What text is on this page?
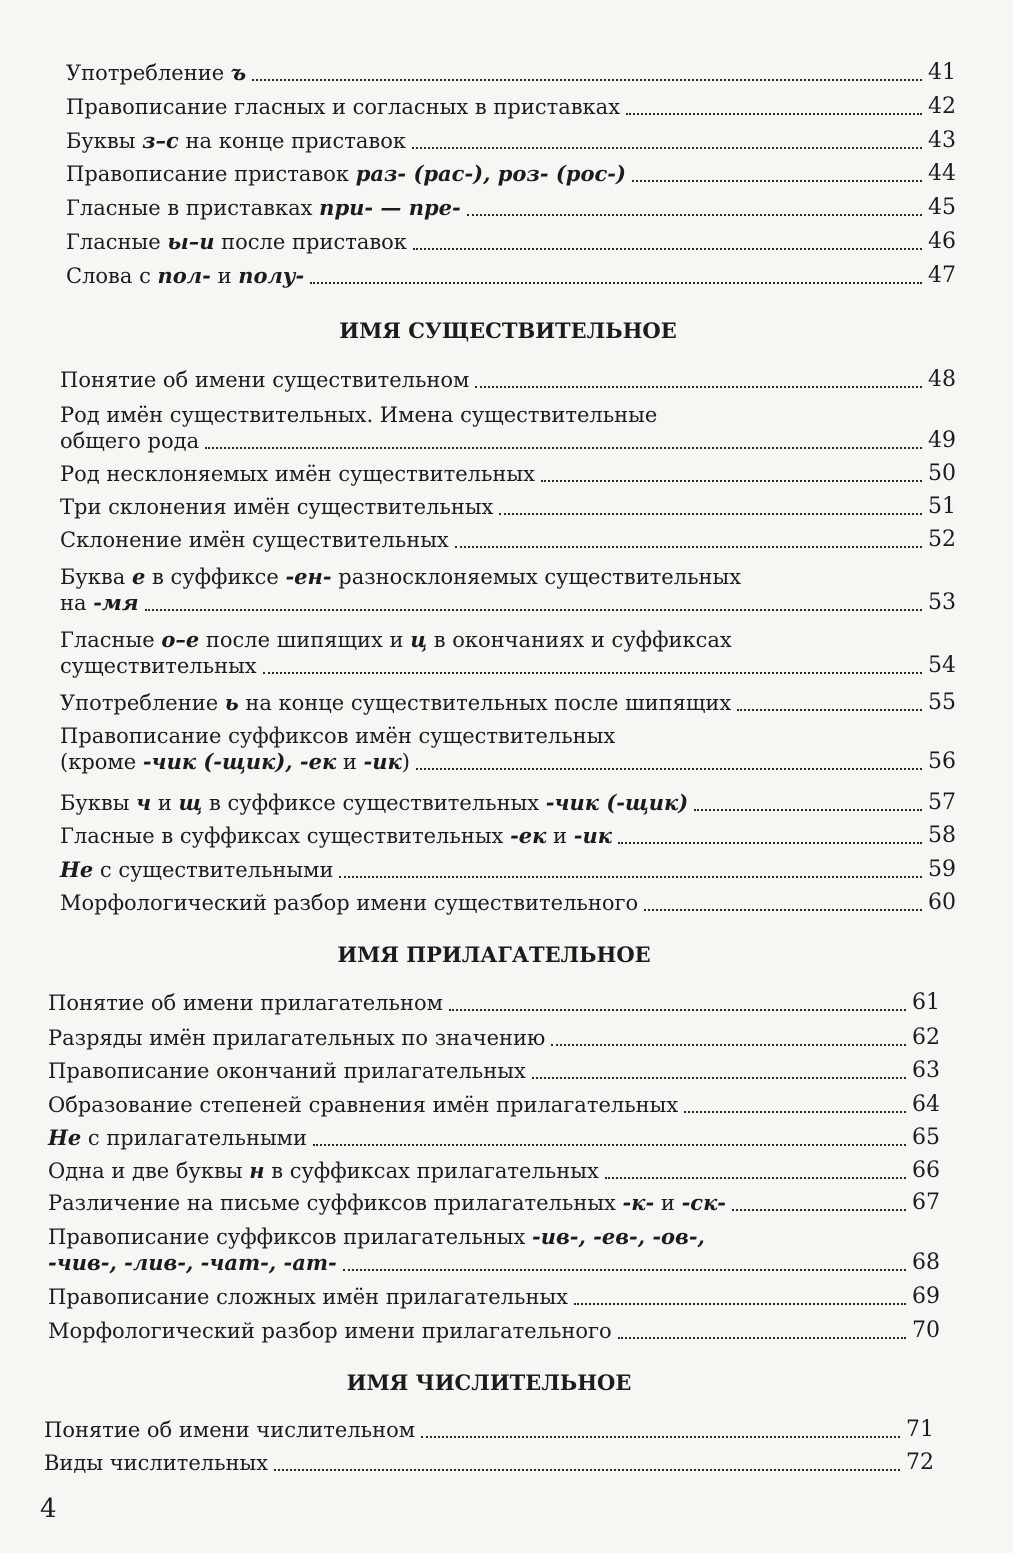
Употребление ъ	41
Правописание гласных и согласных в приставках	42
Буквы з–с на конце приставок	43
Правописание приставок раз- (рас-), роз- (рос-)	44
Гласные в приставках при- — пре-	45
Гласные ы–и после приставок	46
Слова с пол- и полу-	47
ИМЯ СУЩЕСТВИТЕЛЬНОЕ
Понятие об имени существительном	48
Род имён существительных. Имена существительные
общего рода	49
Род несклоняемых имён существительных	50
Три склонения имён существительных	51
Склонение имён существительных	52
Буква е в суффиксе -ен- разносклоняемых существительных
на -мя	53
Гласные о–е после шипящих и ц в окончаниях и суффиксах
существительных	54
Употребление ь на конце существительных после шипящих	55
Правописание суффиксов имён существительных
(кроме -чик (-щик), -ек и -ик)	56
Буквы ч и щ в суффиксе существительных -чик (-щик)	57
Гласные в суффиксах существительных -ек и -ик	58
Не с существительными	59
Морфологический разбор имени существительного	60
ИМЯ ПРИЛАГАТЕЛЬНОЕ
Понятие об имени прилагательном	61
Разряды имён прилагательных по значению	62
Правописание окончаний прилагательных	63
Образование степеней сравнения имён прилагательных	64
Не с прилагательными	65
Одна и две буквы н в суффиксах прилагательных	66
Различение на письме суффиксов прилагательных -к- и -ск-	67
Правописание суффиксов прилагательных -ив-, -ев-, -ов-,
-чив-, -лив-, -чат-, -ат-	68
Правописание сложных имён прилагательных	69
Морфологический разбор имени прилагательного	70
ИМЯ ЧИСЛИТЕЛЬНОЕ
Понятие об имени числительном	71
Виды числительных	72
4
